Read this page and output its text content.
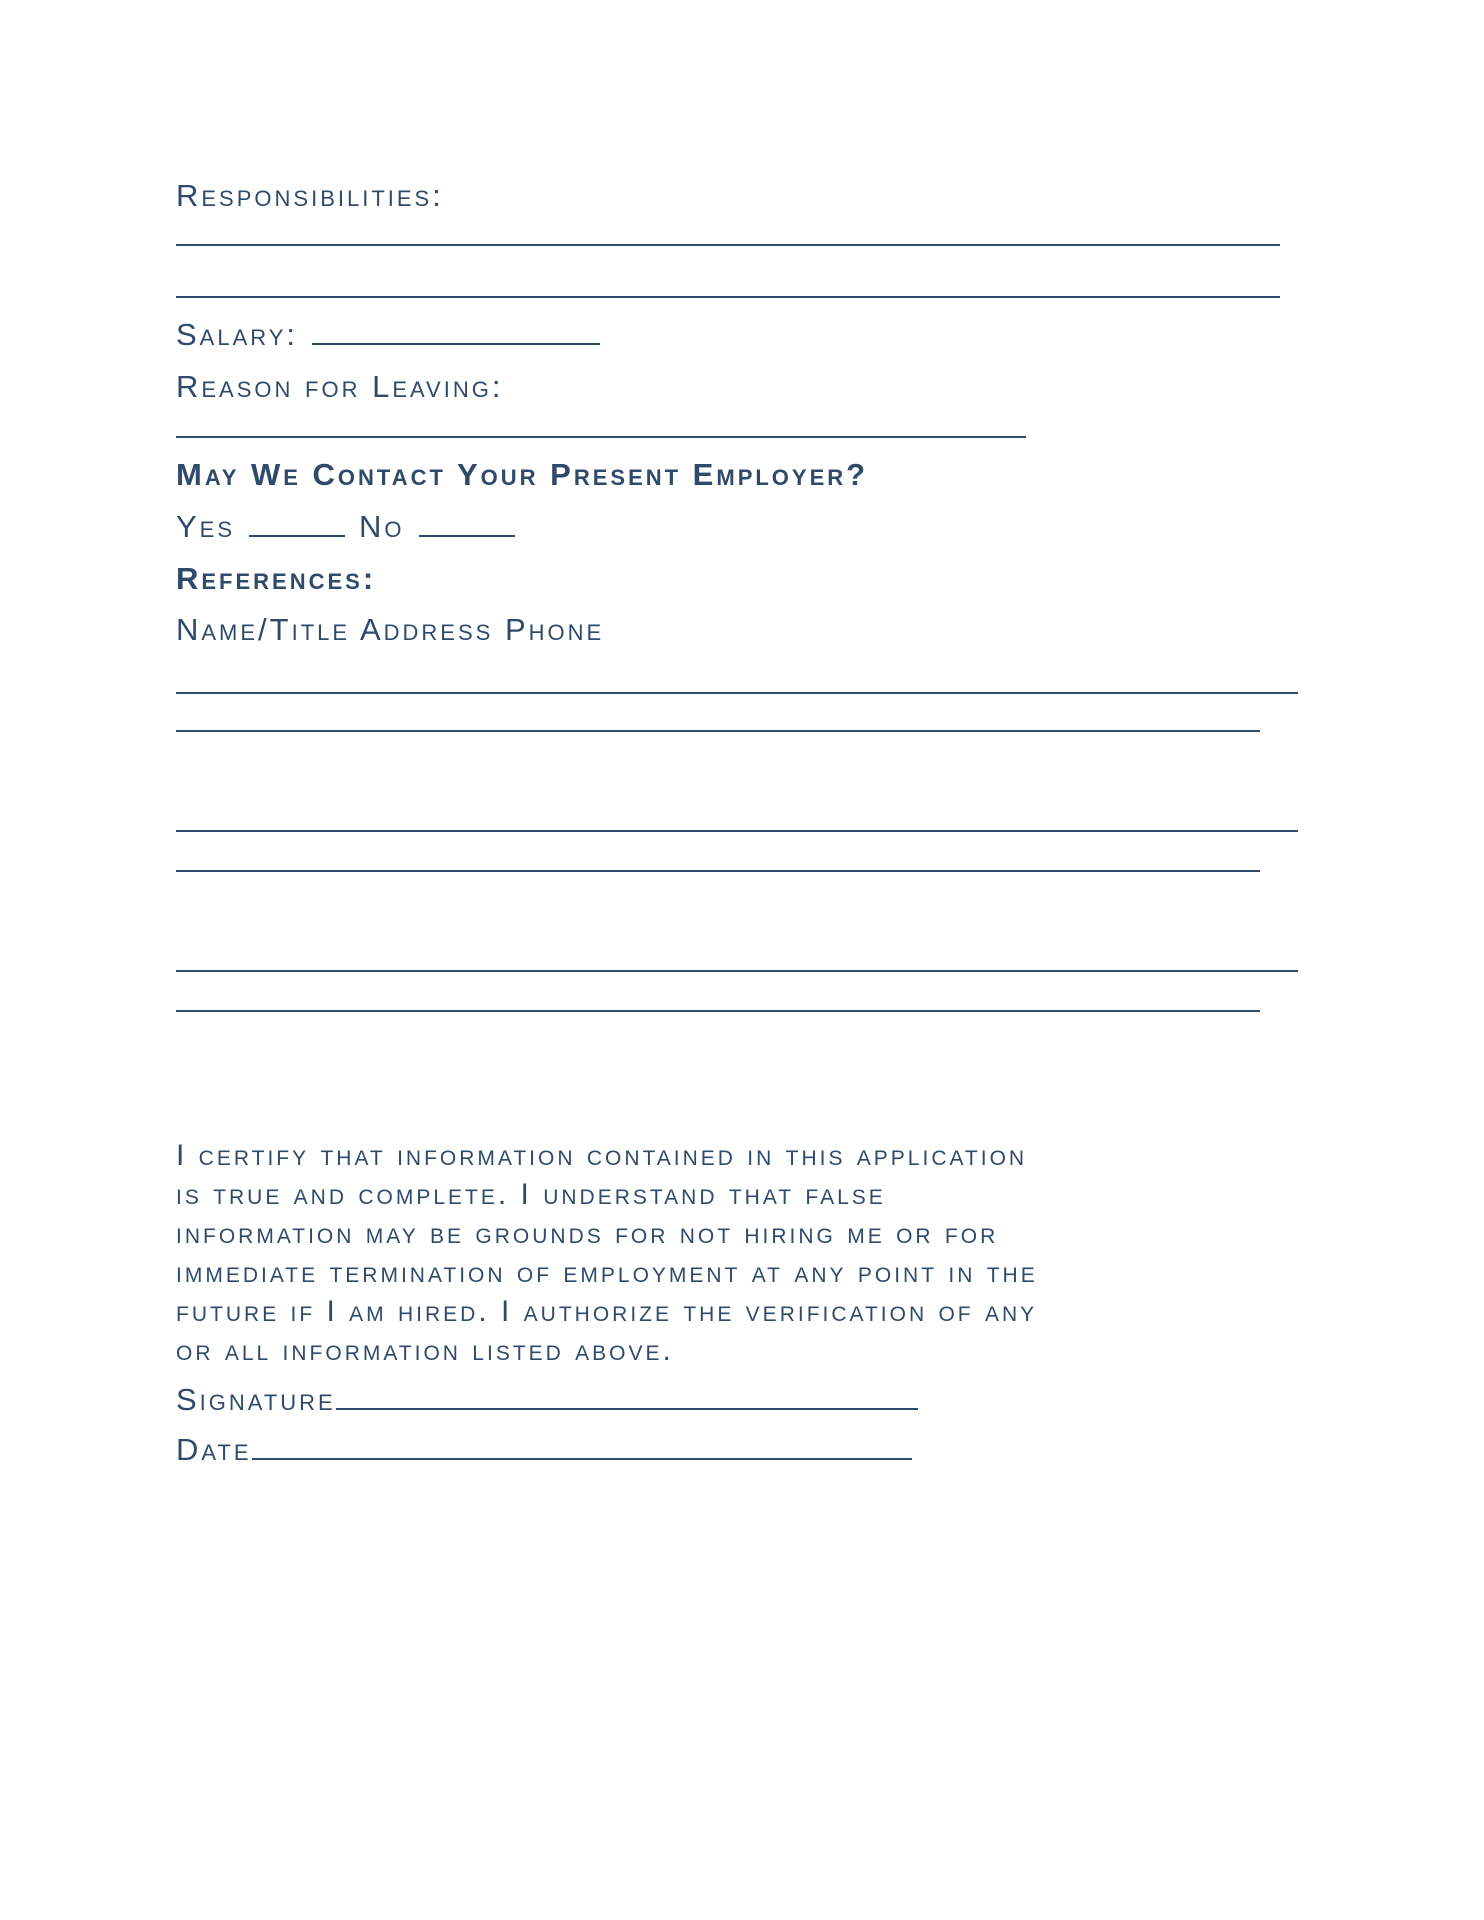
Responsibilities:
Salary:
Reason for Leaving:
May We Contact Your Present Employer?
Yes	No
References:
Name/Title Address Phone

I certify that information contained in this application

is true and complete. I understand that false

information may be grounds for not hiring me or for

immediate termination of employment at any point in the

future if I am hired. I authorize the verification of any

or all information listed above.

Signature
Date
